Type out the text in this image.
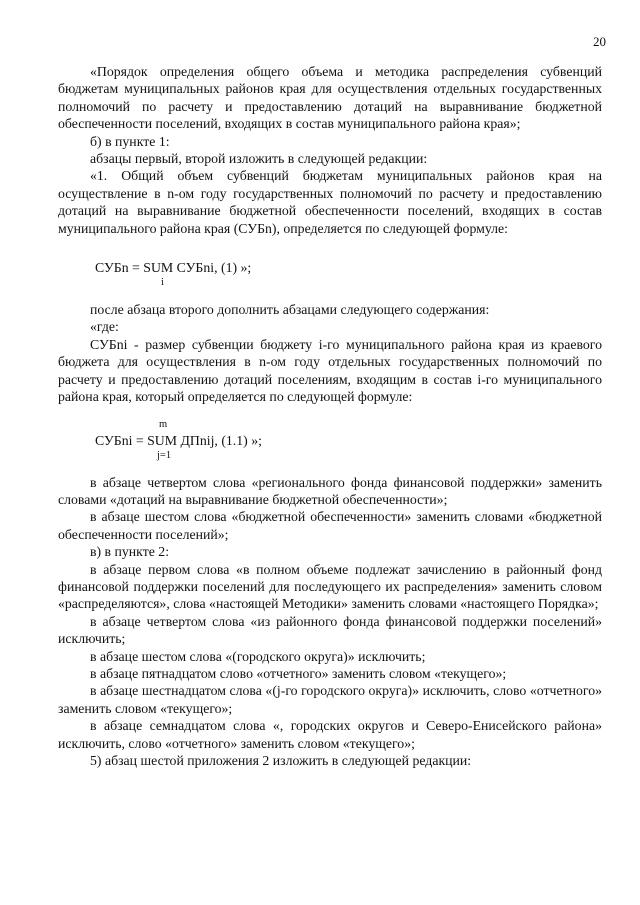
20

«Порядок определения общего объема и методика распределения субвенций бюджетам муниципальных районов края для осуществления отдельных государственных полномочий по расчету и предоставлению дотаций на выравнивание бюджетной обеспеченности поселений, входящих в состав муниципального района края»;

б) в пункте 1:

абзацы первый, второй изложить в следующей редакции:

«1. Общий объем субвенций бюджетам муниципальных районов края на осуществление в n-ом году государственных полномочий по расчету и предоставлению дотаций на выравнивание бюджетной обеспеченности поселений, входящих в состав муниципального района края (СУБn), определяется по следующей формуле:

СУБn = SUM СУБni, (1) »;
i

после абзаца второго дополнить абзацами следующего содержания:

«где:

СУБni - размер субвенции бюджету i-го муниципального района края из краевого бюджета для осуществления в n-ом году отдельных государственных полномочий по расчету и предоставлению дотаций поселениям, входящим в состав i-го муниципального района края, который определяется по следующей формуле:

m
СУБni = SUM ДПnij, (1.1) »;
j=1

в абзаце четвертом слова «регионального фонда финансовой поддержки» заменить словами «дотаций на выравнивание бюджетной обеспеченности»;

в абзаце шестом слова «бюджетной обеспеченности» заменить словами «бюджетной обеспеченности поселений»;

в) в пункте 2:

в абзаце первом слова «в полном объеме подлежат зачислению в районный фонд финансовой поддержки поселений для последующего их распределения» заменить словом «распределяются», слова «настоящей Методики» заменить словами «настоящего Порядка»;

в абзаце четвертом слова «из районного фонда финансовой поддержки поселений» исключить;

в абзаце шестом слова «(городского округа)» исключить;

в абзаце пятнадцатом слово «отчетного» заменить словом «текущего»;

в абзаце шестнадцатом слова «(j-го городского округа)» исключить, слово «отчетного» заменить словом «текущего»;

в абзаце семнадцатом слова «, городских округов и Северо-Енисейского района» исключить, слово «отчетного» заменить словом «текущего»;

5) абзац шестой приложения 2 изложить в следующей редакции:
